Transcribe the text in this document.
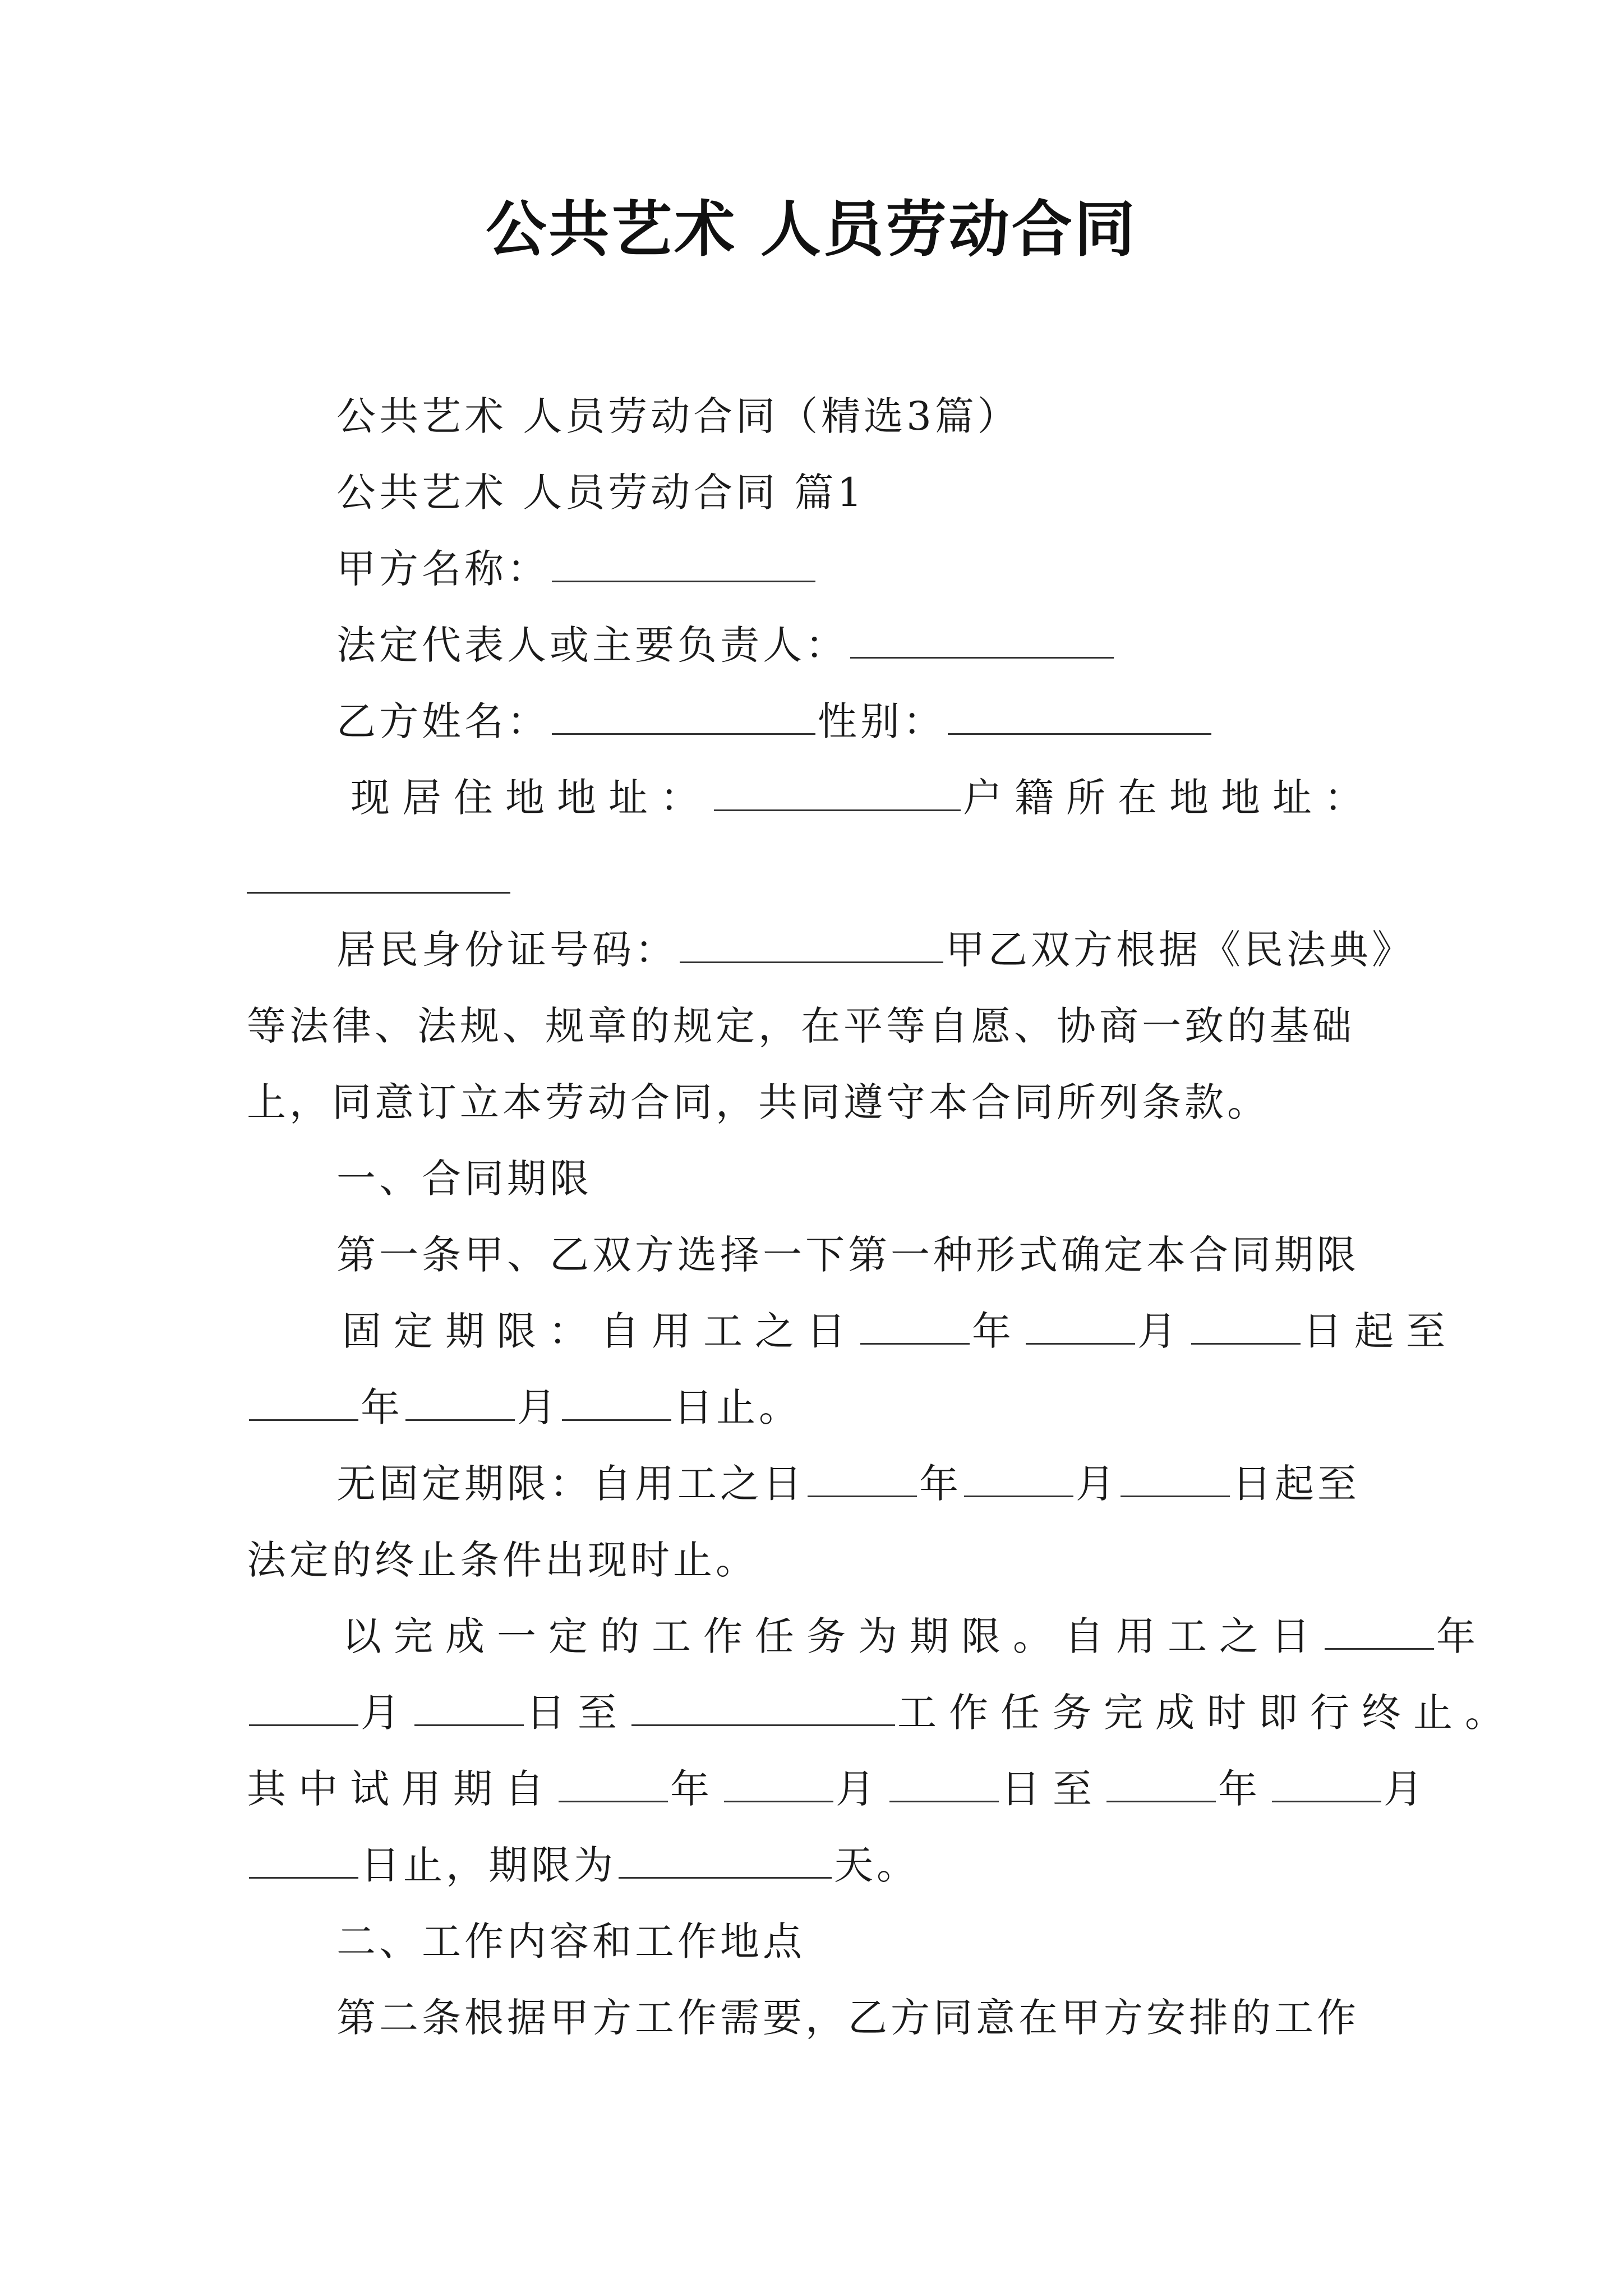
公共艺术 人员劳动合同
公共艺术 人员劳动合同（精选3篇）
公共艺术 人员劳动合同 篇1
甲方名称：
法定代表人或主要负责人：
乙方姓名：	性别：
现居住地地址：	户籍所在地地址：
居民身份证号码：	甲乙双方根据《民法典》
等法律、法规、规章的规定，在平等自愿、协商一致的基础
上，同意订立本劳动合同，共同遵守本合同所列条款。
一、合同期限
第一条甲、乙双方选择一下第一种形式确定本合同期限
固定期限：自用工之日	年	月	日起至
年	月	日止。
无固定期限：自用工之日	年	月	日起至
法定的终止条件出现时止。
以完成一定的工作任务为期限。自用工之日	年
月	日至	工作任务完成时即行终止。
其中试用期自	年	月	日至	年	月
日止，期限为	天。
二、工作内容和工作地点
第二条根据甲方工作需要，乙方同意在甲方安排的工作
